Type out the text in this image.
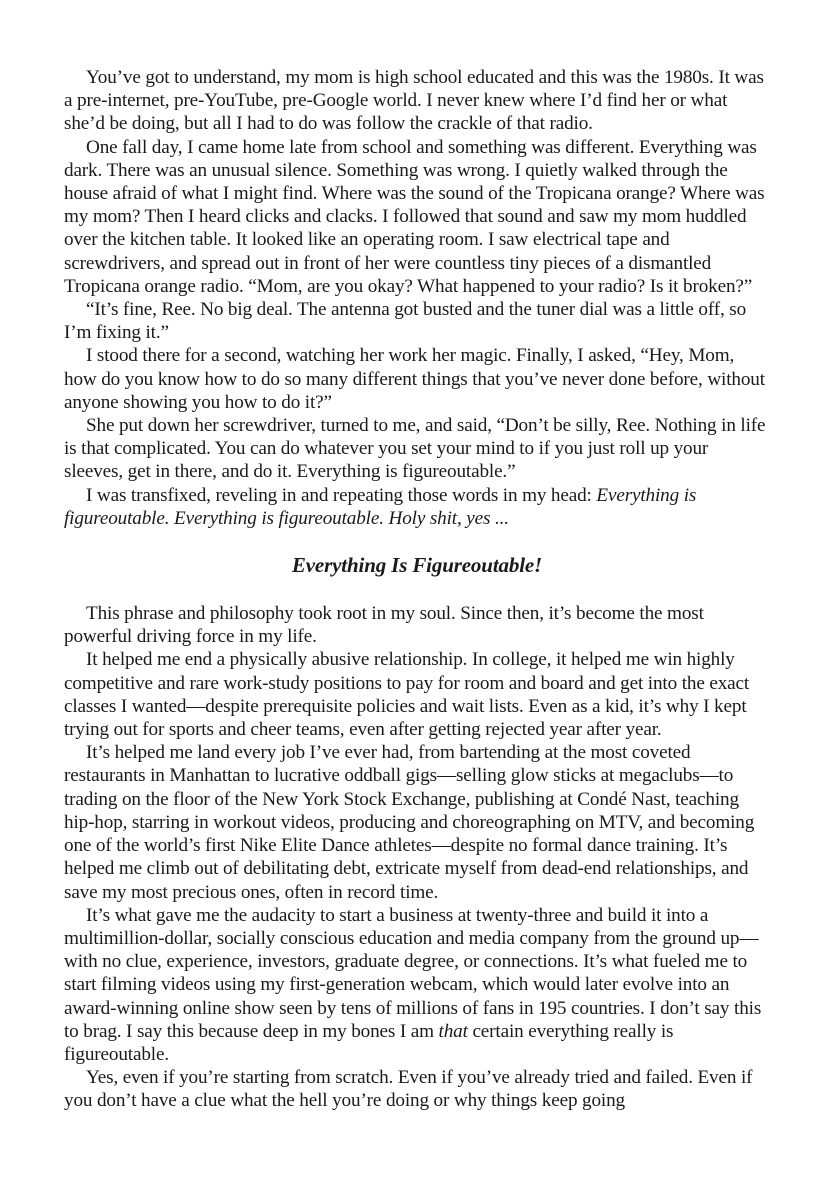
You’ve got to understand, my mom is high school educated and this was the 1980s. It was a pre-internet, pre-YouTube, pre-Google world. I never knew where I’d find her or what she’d be doing, but all I had to do was follow the crackle of that radio.

One fall day, I came home late from school and something was different. Everything was dark. There was an unusual silence. Something was wrong. I quietly walked through the house afraid of what I might find. Where was the sound of the Tropicana orange? Where was my mom? Then I heard clicks and clacks. I followed that sound and saw my mom huddled over the kitchen table. It looked like an operating room. I saw electrical tape and screwdrivers, and spread out in front of her were countless tiny pieces of a dismantled Tropicana orange radio. “Mom, are you okay? What happened to your radio? Is it broken?”

“It’s fine, Ree. No big deal. The antenna got busted and the tuner dial was a little off, so I’m fixing it.”

I stood there for a second, watching her work her magic. Finally, I asked, “Hey, Mom, how do you know how to do so many different things that you’ve never done before, without anyone showing you how to do it?”

She put down her screwdriver, turned to me, and said, “Don’t be silly, Ree. Nothing in life is that complicated. You can do whatever you set your mind to if you just roll up your sleeves, get in there, and do it. Everything is figureoutable.”

I was transfixed, reveling in and repeating those words in my head: Everything is figureoutable. Everything is figureoutable. Holy shit, yes ...

Everything Is Figureoutable!

This phrase and philosophy took root in my soul. Since then, it’s become the most powerful driving force in my life.

It helped me end a physically abusive relationship. In college, it helped me win highly competitive and rare work-study positions to pay for room and board and get into the exact classes I wanted—despite prerequisite policies and wait lists. Even as a kid, it’s why I kept trying out for sports and cheer teams, even after getting rejected year after year.

It’s helped me land every job I’ve ever had, from bartending at the most coveted restaurants in Manhattan to lucrative oddball gigs—selling glow sticks at megaclubs—to trading on the floor of the New York Stock Exchange, publishing at Condé Nast, teaching hip-hop, starring in workout videos, producing and choreographing on MTV, and becoming one of the world’s first Nike Elite Dance athletes—despite no formal dance training. It’s helped me climb out of debilitating debt, extricate myself from dead-end relationships, and save my most precious ones, often in record time.

It’s what gave me the audacity to start a business at twenty-three and build it into a multimillion-dollar, socially conscious education and media company from the ground up—with no clue, experience, investors, graduate degree, or connections. It’s what fueled me to start filming videos using my first-generation webcam, which would later evolve into an award-winning online show seen by tens of millions of fans in 195 countries. I don’t say this to brag. I say this because deep in my bones I am that certain everything really is figureoutable.

Yes, even if you’re starting from scratch. Even if you’ve already tried and failed. Even if you don’t have a clue what the hell you’re doing or why things keep going
